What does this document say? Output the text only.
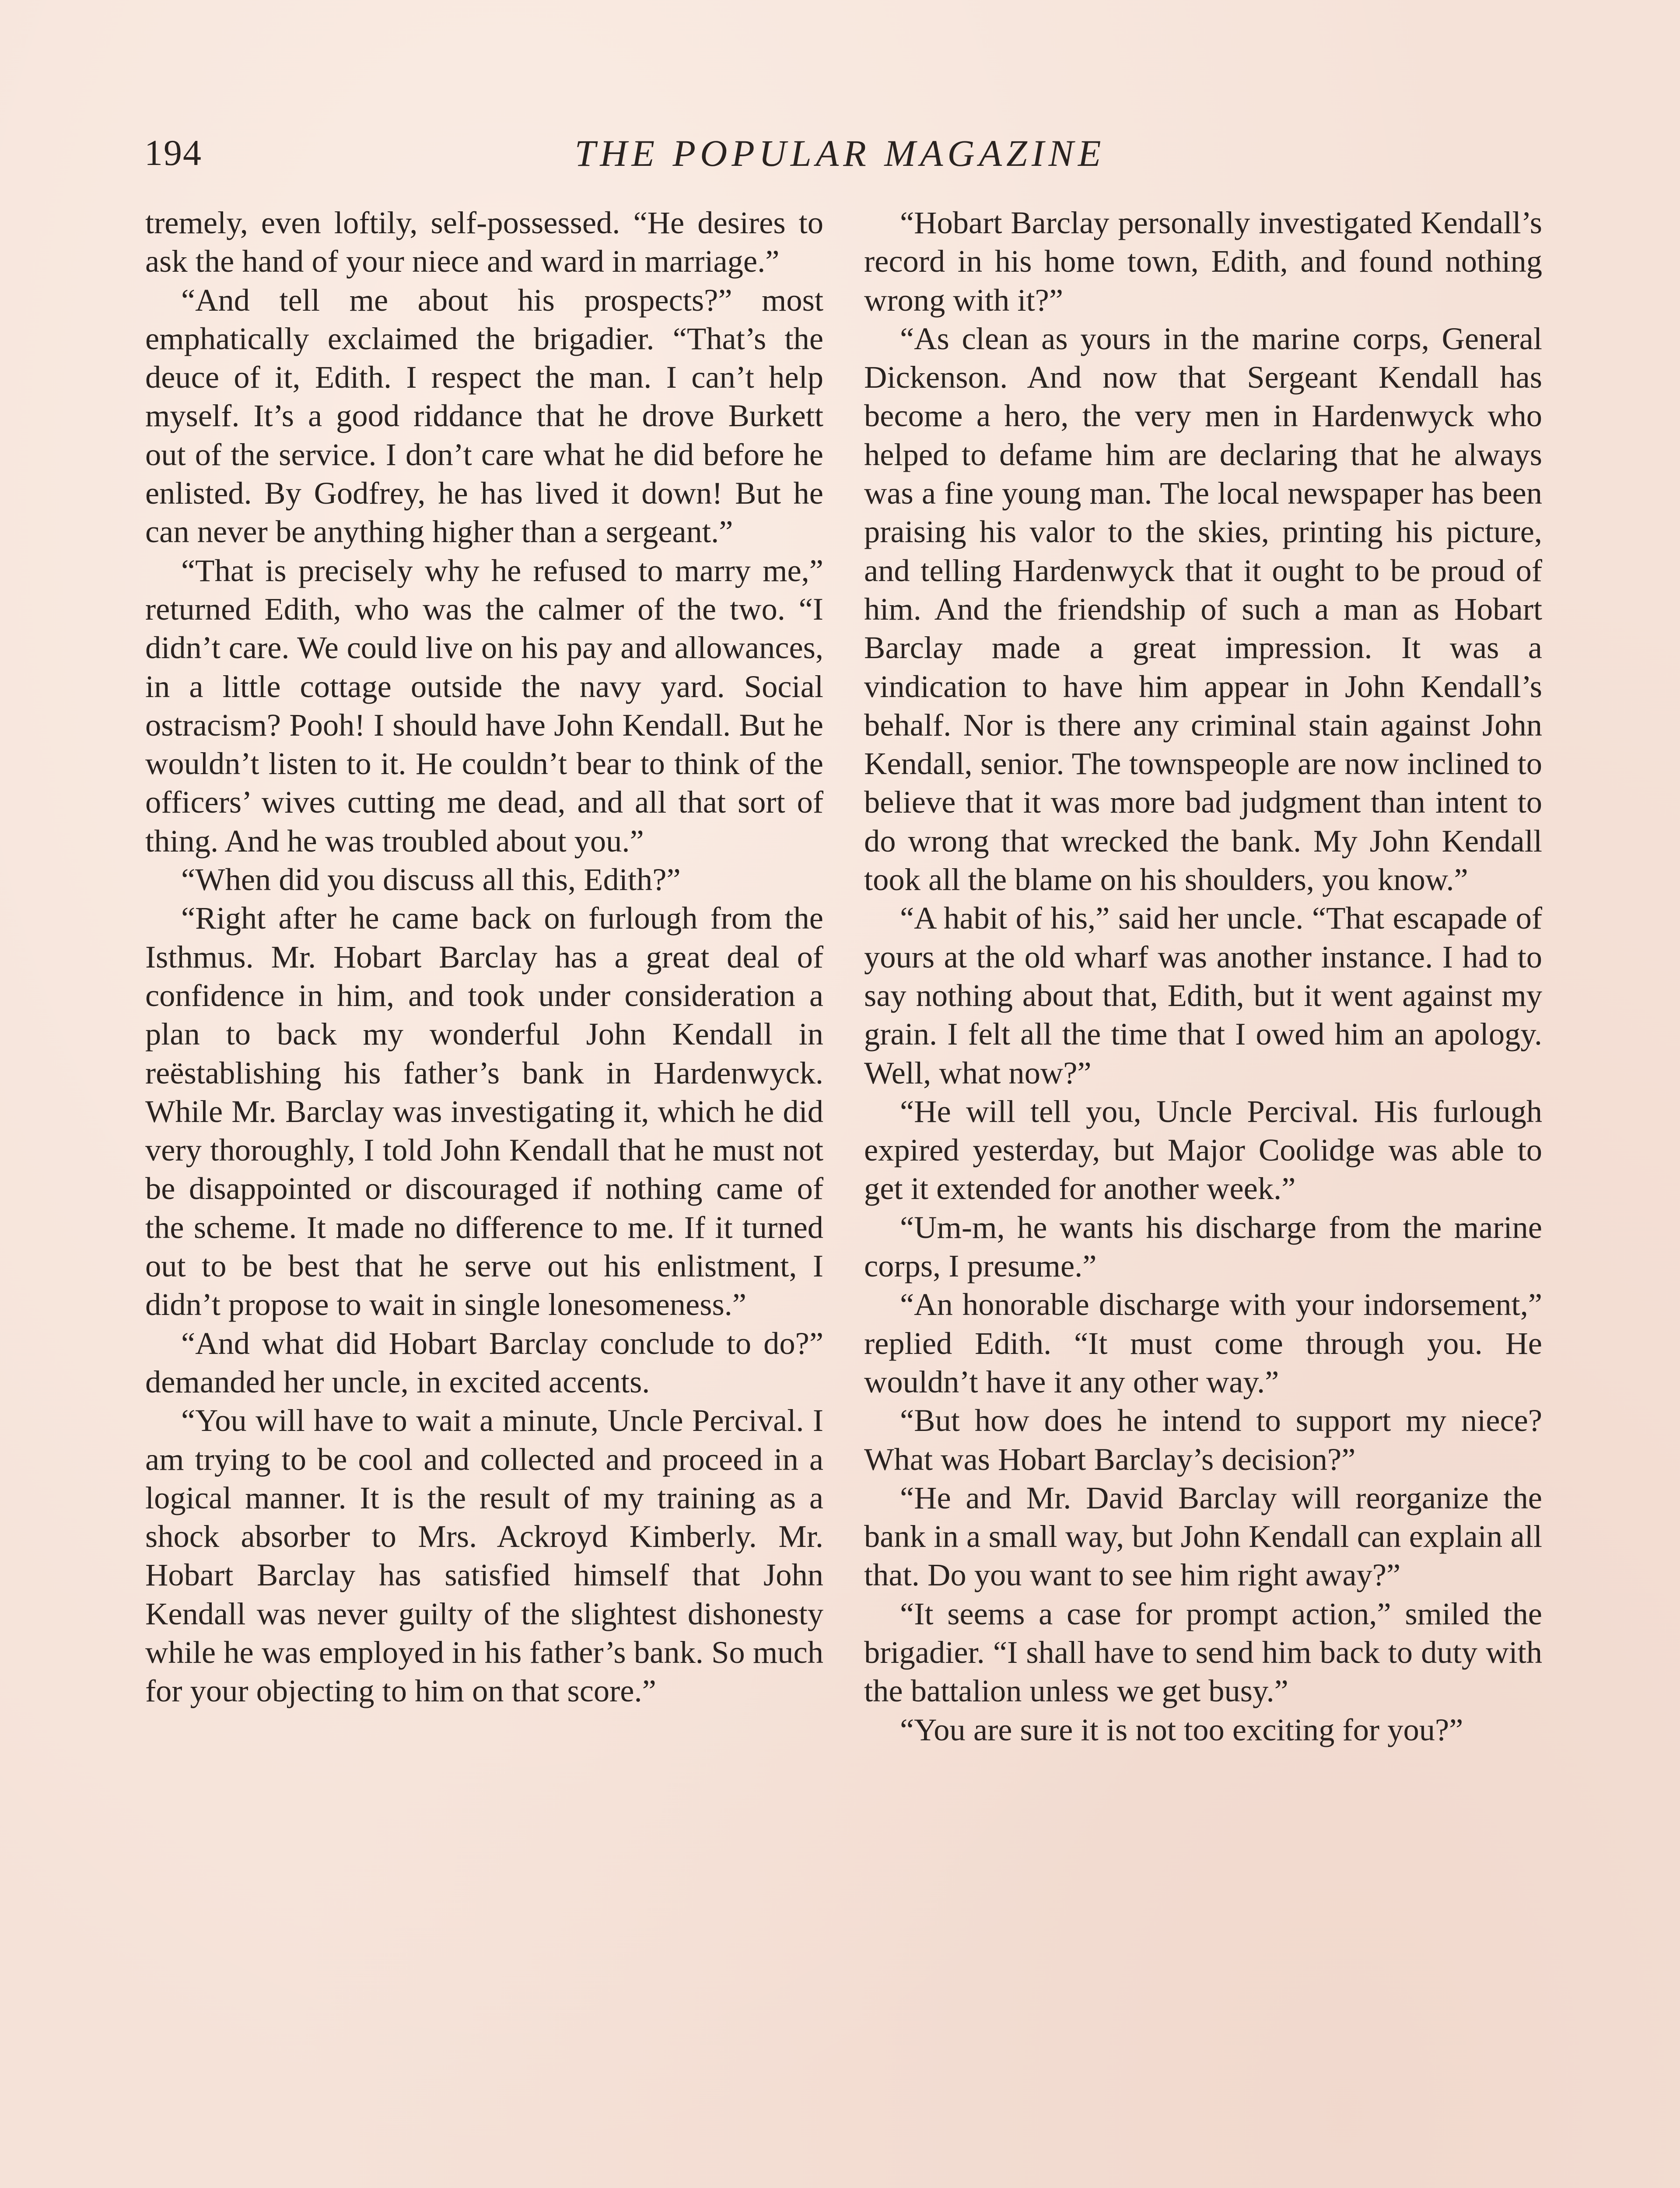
194	THE POPULAR MAGAZINE

tremely, even loftily, self-possessed. “He desires to ask the hand of your niece and ward in marriage.”

“And tell me about his prospects?” most emphatically exclaimed the brigadier. “That’s the deuce of it, Edith. I respect the man. I can’t help myself. It’s a good riddance that he drove Burkett out of the service. I don’t care what he did before he enlisted. By Godfrey, he has lived it down! But he can never be anything higher than a sergeant.”

“That is precisely why he refused to marry me,” returned Edith, who was the calmer of the two. “I didn’t care. We could live on his pay and allowances, in a little cottage outside the navy yard. Social ostracism? Pooh! I should have John Kendall. But he wouldn’t listen to it. He couldn’t bear to think of the officers’ wives cutting me dead, and all that sort of thing. And he was troubled about you.”

“When did you discuss all this, Edith?”

“Right after he came back on furlough from the Isthmus. Mr. Hobart Barclay has a great deal of confidence in him, and took under consideration a plan to back my wonderful John Kendall in reëstablishing his father’s bank in Hardenwyck. While Mr. Barclay was investigating it, which he did very thoroughly, I told John Kendall that he must not be disappointed or discouraged if nothing came of the scheme. It made no difference to me. If it turned out to be best that he serve out his enlistment, I didn’t propose to wait in single lonesomeness.”

“And what did Hobart Barclay conclude to do?” demanded her uncle, in excited accents.

“You will have to wait a minute, Uncle Percival. I am trying to be cool and collected and proceed in a logical manner. It is the result of my training as a shock absorber to Mrs. Ackroyd Kimberly. Mr. Hobart Barclay has satisfied himself that John Kendall was never guilty of the slightest dishonesty while he was employed in his father’s bank. So much for your objecting to him on that score.”

“Hobart Barclay personally investigated Kendall’s record in his home town, Edith, and found nothing wrong with it?”

“As clean as yours in the marine corps, General Dickenson. And now that Sergeant Kendall has become a hero, the very men in Hardenwyck who helped to defame him are declaring that he always was a fine young man. The local newspaper has been praising his valor to the skies, printing his picture, and telling Hardenwyck that it ought to be proud of him. And the friendship of such a man as Hobart Barclay made a great impression. It was a vindication to have him appear in John Kendall’s behalf. Nor is there any criminal stain against John Kendall, senior. The townspeople are now inclined to believe that it was more bad judgment than intent to do wrong that wrecked the bank. My John Kendall took all the blame on his shoulders, you know.”

“A habit of his,” said her uncle. “That escapade of yours at the old wharf was another instance. I had to say nothing about that, Edith, but it went against my grain. I felt all the time that I owed him an apology. Well, what now?”

“He will tell you, Uncle Percival. His furlough expired yesterday, but Major Coolidge was able to get it extended for another week.”

“Um-m, he wants his discharge from the marine corps, I presume.”

“An honorable discharge with your indorsement,” replied Edith. “It must come through you. He wouldn’t have it any other way.”

“But how does he intend to support my niece? What was Hobart Barclay’s decision?”

“He and Mr. David Barclay will reorganize the bank in a small way, but John Kendall can explain all that. Do you want to see him right away?”

“It seems a case for prompt action,” smiled the brigadier. “I shall have to send him back to duty with the battalion unless we get busy.”

“You are sure it is not too exciting for you?”
